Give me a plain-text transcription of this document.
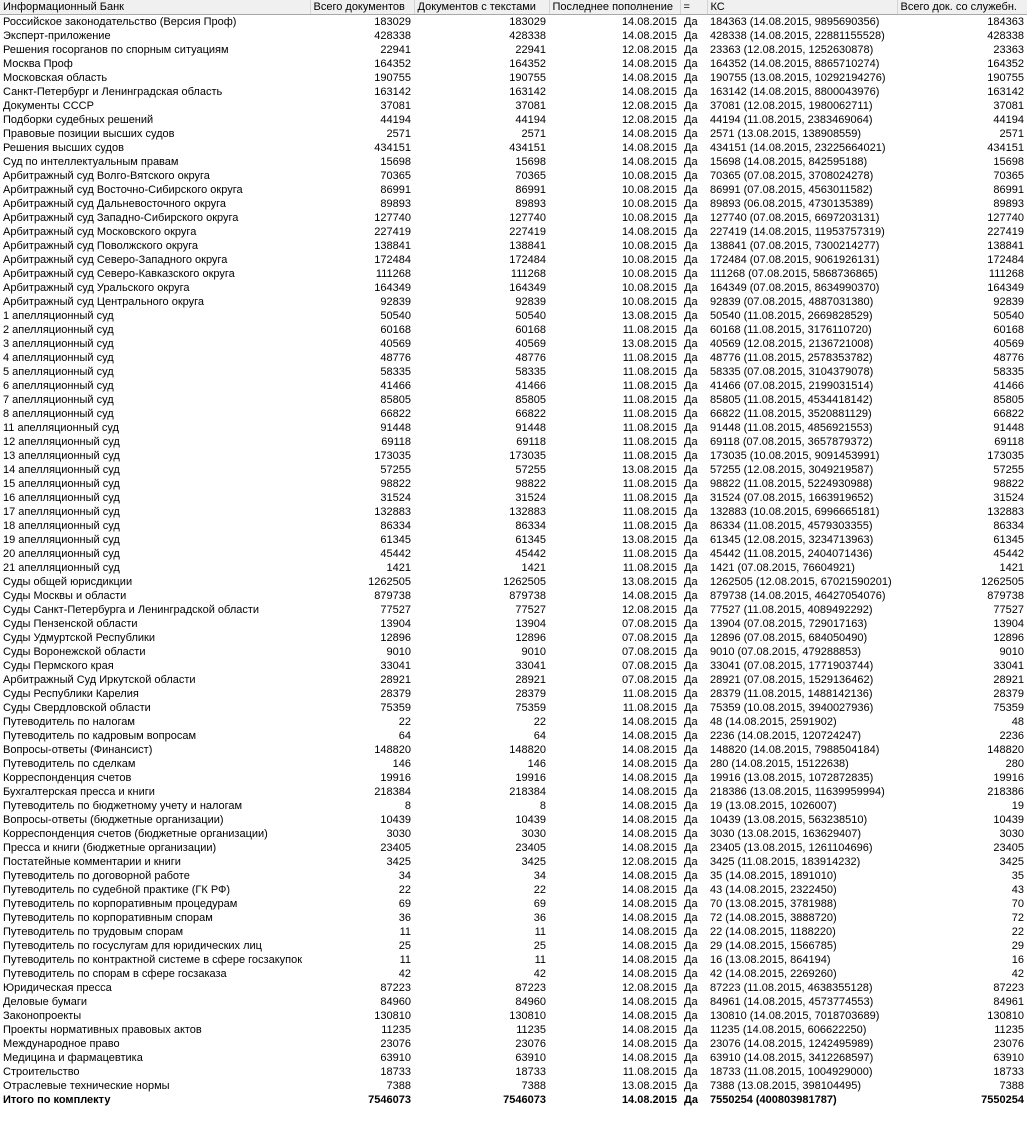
Информационный Банк	Всего документов	Документов с текстами	Последнее пополнение	=	КС	Всего док. со служебн.
Российское законодательство (Версия Проф)	183029	183029	14.08.2015	Да	184363 (14.08.2015, 9895690356)	184363
Эксперт-приложение	428338	428338	14.08.2015	Да	428338 (14.08.2015, 22881155528)	428338
Решения госорганов по спорным ситуациям	22941	22941	12.08.2015	Да	23363 (12.08.2015, 1252630878)	23363
Москва Проф	164352	164352	14.08.2015	Да	164352 (14.08.2015, 8865710274)	164352
Московская область	190755	190755	14.08.2015	Да	190755 (13.08.2015, 10292194276)	190755
Санкт-Петербург и Ленинградская область	163142	163142	14.08.2015	Да	163142 (14.08.2015, 8800043976)	163142
Документы СССР	37081	37081	12.08.2015	Да	37081 (12.08.2015, 1980062711)	37081
Подборки судебных решений	44194	44194	12.08.2015	Да	44194 (11.08.2015, 2383469064)	44194
Правовые позиции высших судов	2571	2571	14.08.2015	Да	2571 (13.08.2015, 138908559)	2571
Решения высших судов	434151	434151	14.08.2015	Да	434151 (14.08.2015, 23225664021)	434151
Суд по интеллектуальным правам	15698	15698	14.08.2015	Да	15698 (14.08.2015, 842595188)	15698
Арбитражный суд Волго-Вятского округа	70365	70365	10.08.2015	Да	70365 (07.08.2015, 3708024278)	70365
Арбитражный суд Восточно-Сибирского округа	86991	86991	10.08.2015	Да	86991 (07.08.2015, 4563011582)	86991
Арбитражный суд Дальневосточного округа	89893	89893	10.08.2015	Да	89893 (06.08.2015, 4730135389)	89893
Арбитражный суд Западно-Сибирского округа	127740	127740	10.08.2015	Да	127740 (07.08.2015, 6697203131)	127740
Арбитражный суд Московского округа	227419	227419	14.08.2015	Да	227419 (14.08.2015, 11953757319)	227419
Арбитражный суд Поволжского округа	138841	138841	10.08.2015	Да	138841 (07.08.2015, 7300214277)	138841
Арбитражный суд Северо-Западного округа	172484	172484	10.08.2015	Да	172484 (07.08.2015, 9061926131)	172484
Арбитражный суд Северо-Кавказского округа	111268	111268	10.08.2015	Да	111268 (07.08.2015, 5868736865)	111268
Арбитражный суд Уральского округа	164349	164349	10.08.2015	Да	164349 (07.08.2015, 8634990370)	164349
Арбитражный суд Центрального округа	92839	92839	10.08.2015	Да	92839 (07.08.2015, 4887031380)	92839
1 апелляционный суд	50540	50540	13.08.2015	Да	50540 (11.08.2015, 2669828529)	50540
2 апелляционный суд	60168	60168	11.08.2015	Да	60168 (11.08.2015, 3176110720)	60168
3 апелляционный суд	40569	40569	13.08.2015	Да	40569 (12.08.2015, 2136721008)	40569
4 апелляционный суд	48776	48776	11.08.2015	Да	48776 (11.08.2015, 2578353782)	48776
5 апелляционный суд	58335	58335	11.08.2015	Да	58335 (07.08.2015, 3104379078)	58335
6 апелляционный суд	41466	41466	11.08.2015	Да	41466 (07.08.2015, 2199031514)	41466
7 апелляционный суд	85805	85805	11.08.2015	Да	85805 (11.08.2015, 4534418142)	85805
8 апелляционный суд	66822	66822	11.08.2015	Да	66822 (11.08.2015, 3520881129)	66822
11 апелляционный суд	91448	91448	11.08.2015	Да	91448 (11.08.2015, 4856921553)	91448
12 апелляционный суд	69118	69118	11.08.2015	Да	69118 (07.08.2015, 3657879372)	69118
13 апелляционный суд	173035	173035	11.08.2015	Да	173035 (10.08.2015, 9091453991)	173035
14 апелляционный суд	57255	57255	13.08.2015	Да	57255 (12.08.2015, 3049219587)	57255
15 апелляционный суд	98822	98822	11.08.2015	Да	98822 (11.08.2015, 5224930988)	98822
16 апелляционный суд	31524	31524	11.08.2015	Да	31524 (07.08.2015, 1663919652)	31524
17 апелляционный суд	132883	132883	11.08.2015	Да	132883 (10.08.2015, 6996665181)	132883
18 апелляционный суд	86334	86334	11.08.2015	Да	86334 (11.08.2015, 4579303355)	86334
19 апелляционный суд	61345	61345	13.08.2015	Да	61345 (12.08.2015, 3234713963)	61345
20 апелляционный суд	45442	45442	11.08.2015	Да	45442 (11.08.2015, 2404071436)	45442
21 апелляционный суд	1421	1421	11.08.2015	Да	1421 (07.08.2015, 76604921)	1421
Суды общей юрисдикции	1262505	1262505	13.08.2015	Да	1262505 (12.08.2015, 67021590201)	1262505
Суды Москвы и области	879738	879738	14.08.2015	Да	879738 (14.08.2015, 46427054076)	879738
Суды Санкт-Петербурга и Ленинградской области	77527	77527	12.08.2015	Да	77527 (11.08.2015, 4089492292)	77527
Суды Пензенской области	13904	13904	07.08.2015	Да	13904 (07.08.2015, 729017163)	13904
Суды Удмуртской Республики	12896	12896	07.08.2015	Да	12896 (07.08.2015, 684050490)	12896
Суды Воронежской области	9010	9010	07.08.2015	Да	9010 (07.08.2015, 479288853)	9010
Суды Пермского края	33041	33041	07.08.2015	Да	33041 (07.08.2015, 1771903744)	33041
Арбитражный Суд Иркутской области	28921	28921	07.08.2015	Да	28921 (07.08.2015, 1529136462)	28921
Суды Республики Карелия	28379	28379	11.08.2015	Да	28379 (11.08.2015, 1488142136)	28379
Суды Свердловской области	75359	75359	11.08.2015	Да	75359 (10.08.2015, 3940027936)	75359
Путеводитель по налогам	22	22	14.08.2015	Да	48 (14.08.2015, 2591902)	48
Путеводитель по кадровым вопросам	64	64	14.08.2015	Да	2236 (14.08.2015, 120724247)	2236
Вопросы-ответы (Финансист)	148820	148820	14.08.2015	Да	148820 (14.08.2015, 7988504184)	148820
Путеводитель по сделкам	146	146	14.08.2015	Да	280 (14.08.2015, 15122638)	280
Корреспонденция счетов	19916	19916	14.08.2015	Да	19916 (13.08.2015, 1072872835)	19916
Бухгалтерская пресса и книги	218384	218384	14.08.2015	Да	218386 (13.08.2015, 11639959994)	218386
Путеводитель по бюджетному учету и налогам	8	8	14.08.2015	Да	19 (13.08.2015, 1026007)	19
Вопросы-ответы (бюджетные организации)	10439	10439	14.08.2015	Да	10439 (13.08.2015, 563238510)	10439
Корреспонденция счетов (бюджетные организации)	3030	3030	14.08.2015	Да	3030 (13.08.2015, 163629407)	3030
Пресса и книги (бюджетные организации)	23405	23405	14.08.2015	Да	23405 (13.08.2015, 1261104696)	23405
Постатейные комментарии и книги	3425	3425	12.08.2015	Да	3425 (11.08.2015, 183914232)	3425
Путеводитель по договорной работе	34	34	14.08.2015	Да	35 (14.08.2015, 1891010)	35
Путеводитель по судебной практике (ГК РФ)	22	22	14.08.2015	Да	43 (14.08.2015, 2322450)	43
Путеводитель по корпоративным процедурам	69	69	14.08.2015	Да	70 (13.08.2015, 3781988)	70
Путеводитель по корпоративным спорам	36	36	14.08.2015	Да	72 (14.08.2015, 3888720)	72
Путеводитель по трудовым спорам	11	11	14.08.2015	Да	22 (14.08.2015, 1188220)	22
Путеводитель по госуслугам для юридических лиц	25	25	14.08.2015	Да	29 (14.08.2015, 1566785)	29
Путеводитель по контрактной системе в сфере госзакупок	11	11	14.08.2015	Да	16 (13.08.2015, 864194)	16
Путеводитель по спорам в сфере госзаказа	42	42	14.08.2015	Да	42 (14.08.2015, 2269260)	42
Юридическая пресса	87223	87223	12.08.2015	Да	87223 (11.08.2015, 4638355128)	87223
Деловые бумаги	84960	84960	14.08.2015	Да	84961 (14.08.2015, 4573774553)	84961
Законопроекты	130810	130810	14.08.2015	Да	130810 (14.08.2015, 7018703689)	130810
Проекты нормативных правовых актов	11235	11235	14.08.2015	Да	11235 (14.08.2015, 606622250)	11235
Международное право	23076	23076	14.08.2015	Да	23076 (14.08.2015, 1242495989)	23076
Медицина и фармацевтика	63910	63910	14.08.2015	Да	63910 (14.08.2015, 3412268597)	63910
Строительство	18733	18733	11.08.2015	Да	18733 (11.08.2015, 1004929000)	18733
Отраслевые технические нормы	7388	7388	13.08.2015	Да	7388 (13.08.2015, 398104495)	7388
Итого по комплекту	7546073	7546073	14.08.2015	Да	7550254 (400803981787)	7550254
